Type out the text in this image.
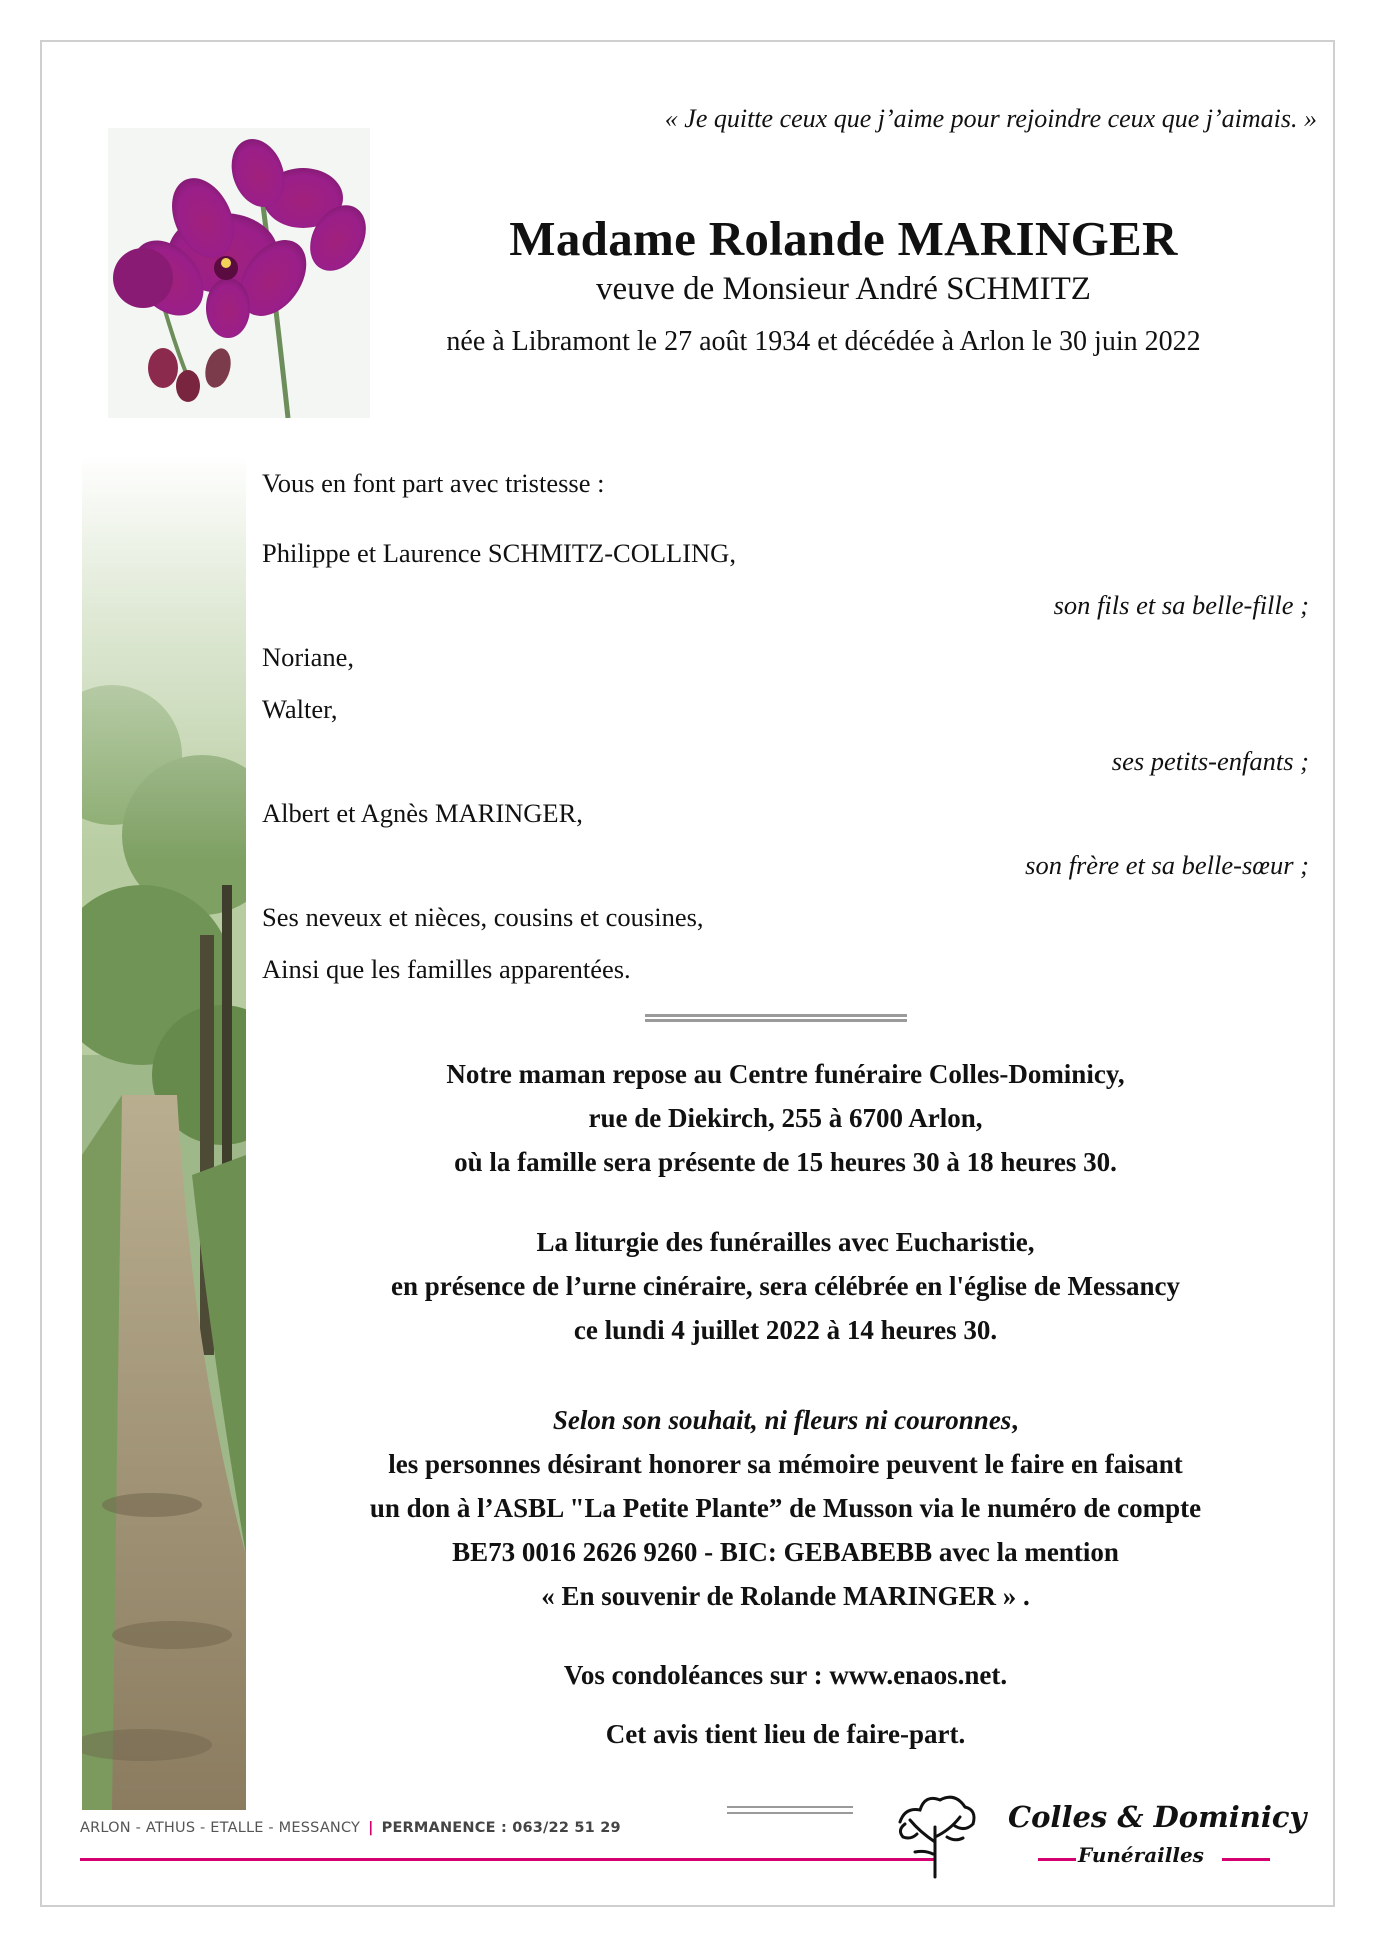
« Je quitte ceux que j’aime pour rejoindre ceux que j’aimais. »
Madame Rolande MARINGER
veuve de Monsieur André SCHMITZ
née à Libramont le 27 août 1934 et décédée à Arlon le 30 juin 2022
Vous en font part avec tristesse :
Philippe et Laurence SCHMITZ-COLLING,
son fils et sa belle-fille ;
Noriane,
Walter,
ses petits-enfants ;
Albert et Agnès MARINGER,
son frère et sa belle-sœur ;
Ses neveux et nièces, cousins et cousines,
Ainsi que les familles apparentées.
Notre maman repose au Centre funéraire Colles-Dominicy,
rue de Diekirch, 255 à 6700 Arlon,
où la famille sera présente de 15 heures 30 à 18 heures 30.
La liturgie des funérailles avec Eucharistie,
en présence de l’urne cinéraire, sera célébrée en l'église de Messancy
ce lundi 4 juillet 2022 à 14 heures 30.
Selon son souhait, ni fleurs ni couronnes,
les personnes désirant honorer sa mémoire peuvent le faire en faisant
un don à l’ASBL "La Petite Plante” de Musson via le numéro de compte
BE73 0016 2626 9260 - BIC: GEBABEBB avec la mention
« En souvenir de Rolande MARINGER » .
Vos condoléances sur : www.enaos.net.
Cet avis tient lieu de faire-part.
ARLON - ATHUS - ETALLE - MESSANCY | PERMANENCE : 063/22 51 29	Colles & Dominicy
Funérailles
